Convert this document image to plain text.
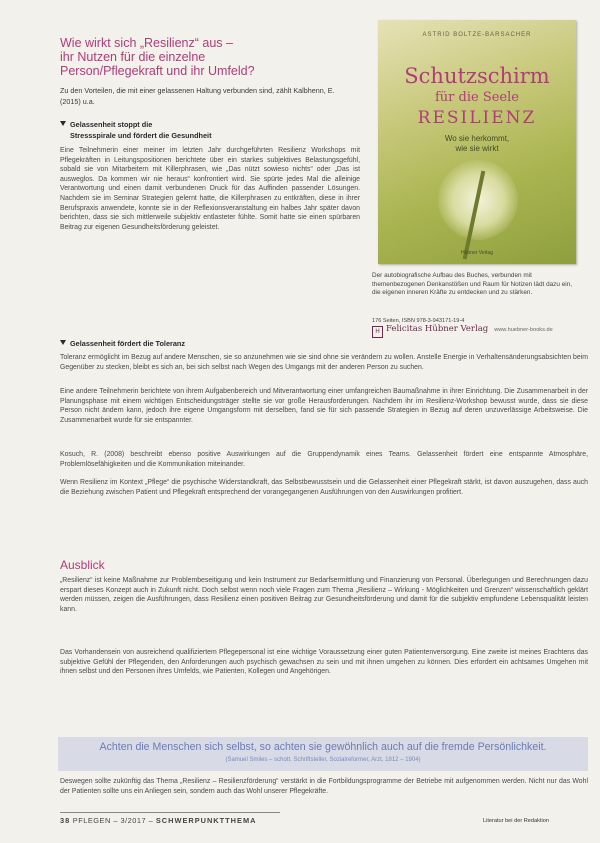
Wie wirkt sich „Resilienz“ aus –
ihr Nutzen für die einzelne
Person/Pflegekraft und ihr Umfeld?
Zu den Vorteilen, die mit einer gelassenen Haltung verbunden sind, zählt Kalbhenn, E. (2015) u.a.
Gelassenheit stoppt die
Stressspirale und fördert die Gesundheit
Eine Teilnehmerin einer meiner im letzten Jahr durchgeführten Resilienz Workshops mit Pflegekräften in Leitungspositionen berichtete über ein starkes subjektives Belastungsgefühl, sobald sie von Mitarbeitern mit Killerphrasen, wie „Das nützt sowieso nichts“ oder „Das ist ausweglos. Da kommen wir nie heraus“ konfrontiert wird. Sie spürte jedes Mal die alleinige Verantwortung und einen damit verbundenen Druck für das Auffinden passender Lösungen. Nachdem sie im Seminar Strategien gelernt hatte, die Killerphrasen zu entkräften, diese in ihrer Berufspraxis anwendete, konnte sie in der Reflexionsveranstaltung ein halbes Jahr später davon berichten, dass sie sich mittlerweile subjektiv entlasteter fühlte. Somit hatte sie einen spürbaren Beitrag zur eigenen Gesundheitsförderung geleistet.
ASTRID BOLTZE-BARSACHER
Schutzschirm
für die Seele
RESILIENZ
Wo sie herkommt,
wie sie wirkt
Hübner Verlag
Der autobiografische Aufbau des Buches, verbunden mit themenbezogenen Denkanstößen und Raum für Notizen lädt dazu ein, die eigenen inneren Kräfte zu entdecken und zu stärken.
176 Seiten, ISBN 978-3-943171-19-4
H Felicitas Hübner Verlag www.huebner-books.de
Gelassenheit fördert die Toleranz
Toleranz ermöglicht im Bezug auf andere Menschen, sie so anzunehmen wie sie sind ohne sie verändern zu wollen. Anstelle Energie in Verhaltensänderungsabsichten beim Gegenüber zu stecken, bleibt es sich an, bei sich selbst nach Wegen des Umgangs mit der anderen Person zu suchen.
Eine andere Teilnehmerin berichtete von ihrem Aufgabenbereich und Mitverantwortung einer umfangreichen Baumaßnahme in ihrer Einrichtung. Die Zusammenarbeit in der Planungsphase mit einem wichtigen Entscheidungsträger stellte sie vor große Herausforderungen. Nachdem ihr im Resilienz-Workshop bewusst wurde, dass sie diese Person nicht ändern kann, jedoch ihre eigene Umgangsform mit derselben, fand sie für sich passende Strategien in Bezug auf deren unzuverlässige Arbeitsweise. Die Zusammenarbeit wurde für sie entspannter.
Kosuch, R. (2008) beschreibt ebenso positive Auswirkungen auf die Gruppendynamik eines Teams. Gelassenheit fördert eine entspannte Atmosphäre, Problemlösefähigkeiten und die Kommunikation miteinander.
Wenn Resilienz im Kontext „Pflege“ die psychische Widerstandkraft, das Selbstbewusstsein und die Gelassenheit einer Pflegekraft stärkt, ist davon auszugehen, dass auch die Beziehung zwischen Patient und Pflegekraft entsprechend der vorangegangenen Ausführungen von den Auswirkungen profitiert.
Ausblick
„Resilienz“ ist keine Maßnahme zur Problembeseitigung und kein Instrument zur Bedarfsermittlung und Finanzierung von Personal. Überlegungen und Berechnungen dazu erspart dieses Konzept auch in Zukunft nicht. Doch selbst wenn noch viele Fragen zum Thema „Resilienz – Wirkung - Möglichkeiten und Grenzen“ wissenschaftlich geklärt werden müssen, zeigen die Ausführungen, dass Resilienz einen positiven Beitrag zur Gesundheitsförderung und damit für die subjektiv empfundene Lebensqualität leisten kann.
Das Vorhandensein von ausreichend qualifiziertem Pflegepersonal ist eine wichtige Voraussetzung einer guten Patientenversorgung. Eine zweite ist meines Erachtens das subjektive Gefühl der Pflegenden, den Anforderungen auch psychisch gewachsen zu sein und mit ihnen umgehen zu können. Dies erfordert ein achtsames Umgehen mit ihnen selbst und den Personen ihres Umfelds, wie Patienten, Kollegen und Angehörigen.
Achten die Menschen sich selbst, so achten sie gewöhnlich auch auf die fremde Persönlichkeit.
(Samuel Smiles – schott. Schriftsteller, Sozialreformer, Arzt, 1812 – 1904)
Deswegen sollte zukünftig das Thema „Resilienz – Resilienzförderung“ verstärkt in die Fortbildungsprogramme der Betriebe mit aufgenommen werden. Nicht nur das Wohl der Patienten sollte uns ein Anliegen sein, sondern auch das Wohl unserer Pflegekräfte.
38 PFLEGEN – 3/2017 – SCHWERPUNKTTHEMA	Literatur bei der Redaktion
